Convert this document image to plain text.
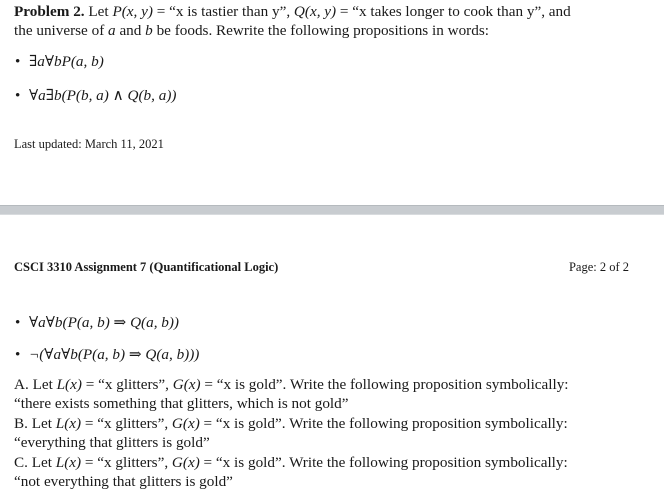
Problem 2. Let P(x, y) = “x is tastier than y”, Q(x, y) = “x takes longer to cook than y”, and
the universe of a and b be foods. Rewrite the following propositions in words:

• ∃a∀bP(a, b)
• ∀a∃b(P(b, a) ∧ Q(b, a))
Last updated: March 11, 2021
CSCI 3310 Assignment 7 (Quantificational Logic)	Page: 2 of 2
• ∀a∀b(P(a, b) ⇒ Q(a, b))
• ¬(∀a∀b(P(a, b) ⇒ Q(a, b)))

A. Let L(x) = “x glitters”, G(x) = “x is gold”. Write the following proposition symbolically:
“there exists something that glitters, which is not gold”

B. Let L(x) = “x glitters”, G(x) = “x is gold”. Write the following proposition symbolically:
“everything that glitters is gold”

C. Let L(x) = “x glitters”, G(x) = “x is gold”. Write the following proposition symbolically:
“not everything that glitters is gold”
